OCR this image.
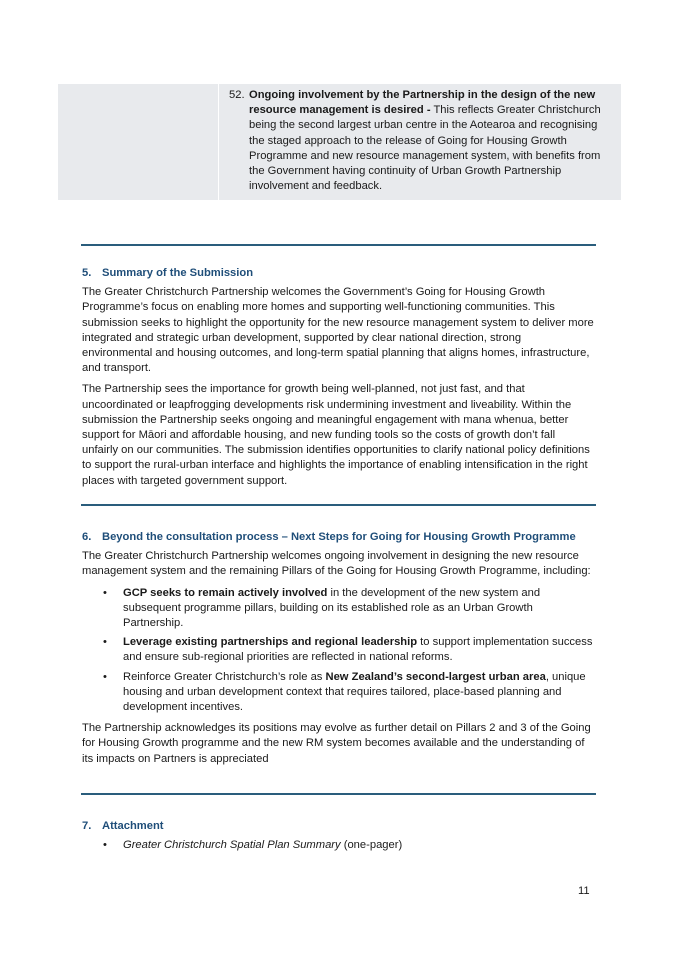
52. Ongoing involvement by the Partnership in the design of the new resource management is desired - This reflects Greater Christchurch being the second largest urban centre in the Aotearoa and recognising the staged approach to the release of Going for Housing Growth Programme and new resource management system, with benefits from the Government having continuity of Urban Growth Partnership involvement and feedback.
5. Summary of the Submission

The Greater Christchurch Partnership welcomes the Government’s Going for Housing Growth Programme’s focus on enabling more homes and supporting well-functioning communities. This submission seeks to highlight the opportunity for the new resource management system to deliver more integrated and strategic urban development, supported by clear national direction, strong environmental and housing outcomes, and long-term spatial planning that aligns homes, infrastructure, and transport.

The Partnership sees the importance for growth being well-planned, not just fast, and that uncoordinated or leapfrogging developments risk undermining investment and liveability. Within the submission the Partnership seeks ongoing and meaningful engagement with mana whenua, better support for Māori and affordable housing, and new funding tools so the costs of growth don’t fall unfairly on our communities. The submission identifies opportunities to clarify national policy definitions to support the rural-urban interface and highlights the importance of enabling intensification in the right places with targeted government support.

6. Beyond the consultation process – Next Steps for Going for Housing Growth Programme

The Greater Christchurch Partnership welcomes ongoing involvement in designing the new resource management system and the remaining Pillars of the Going for Housing Growth Programme, including:

•	GCP seeks to remain actively involved in the development of the new system and subsequent programme pillars, building on its established role as an Urban Growth Partnership.
•	Leverage existing partnerships and regional leadership to support implementation success and ensure sub-regional priorities are reflected in national reforms.
•	Reinforce Greater Christchurch’s role as New Zealand’s second-largest urban area, unique housing and urban development context that requires tailored, place-based planning and development incentives.

The Partnership acknowledges its positions may evolve as further detail on Pillars 2 and 3 of the Going for Housing Growth programme and the new RM system becomes available and the understanding of its impacts on Partners is appreciated

7. Attachment
•	Greater Christchurch Spatial Plan Summary (one-pager)
11
